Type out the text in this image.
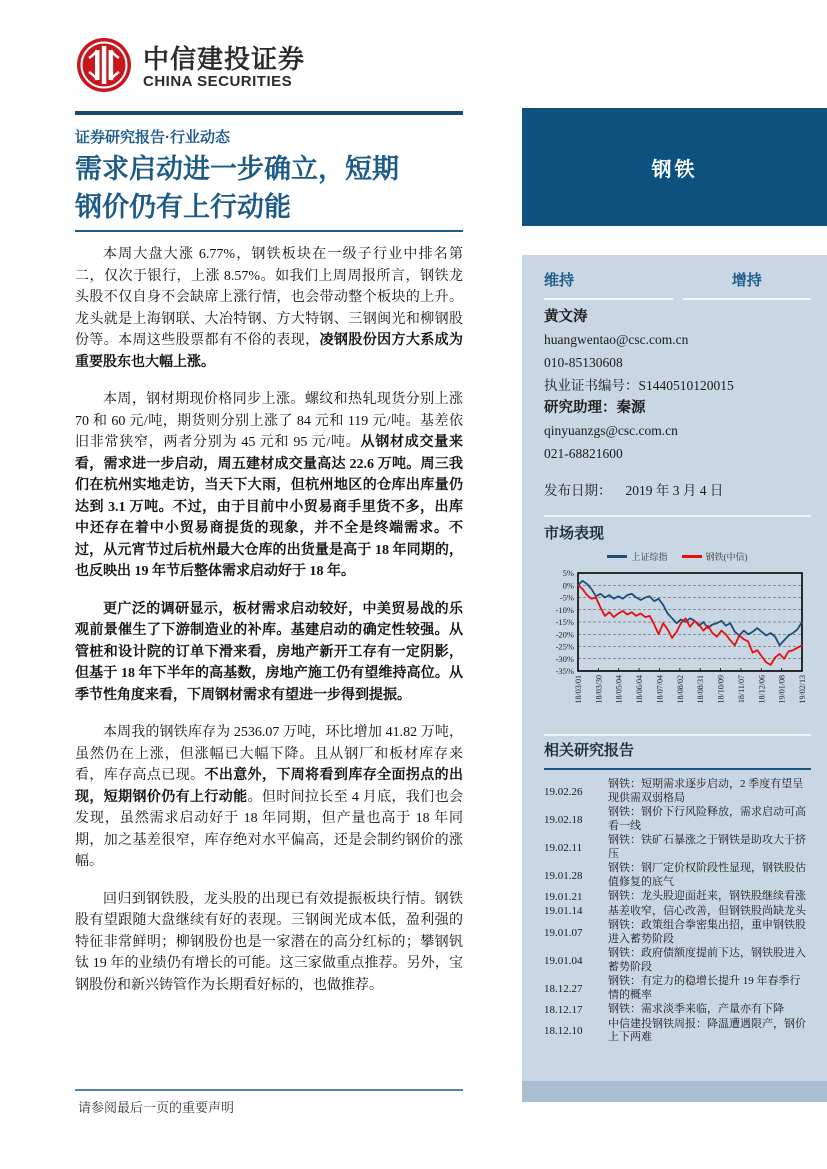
中信建投证券
CHINA SECURITIES
证券研究报告·行业动态
需求启动进一步确立，短期
钢价仍有上行动能

本周大盘大涨 6.77%，钢铁板块在一级子行业中排名第二，仅次于银行，上涨 8.57%。如我们上周周报所言，钢铁龙头股不仅自身不会缺席上涨行情，也会带动整个板块的上升。龙头就是上海钢联、大冶特钢、方大特钢、三钢闽光和柳钢股份等。本周这些股票都有不俗的表现，凌钢股份因方大系成为重要股东也大幅上涨。

本周，钢材期现价格同步上涨。螺纹和热轧现货分别上涨 70 和 60 元/吨，期货则分别上涨了 84 元和 119 元/吨。基差依旧非常狭窄，两者分别为 45 元和 95 元/吨。从钢材成交量来看，需求进一步启动，周五建材成交量高达 22.6 万吨。周三我们在杭州实地走访，当天下大雨，但杭州地区的仓库出库量仍达到 3.1 万吨。不过，由于目前中小贸易商手里货不多，出库中还存在着中小贸易商提货的现象，并不全是终端需求。不过，从元宵节过后杭州最大仓库的出货量是高于 18 年同期的，也反映出 19 年节后整体需求启动好于 18 年。

更广泛的调研显示，板材需求启动较好，中美贸易战的乐观前景催生了下游制造业的补库。基建启动的确定性较强。从管桩和设计院的订单下滑来看，房地产新开工存有一定阴影，但基于 18 年下半年的高基数，房地产施工仍有望维持高位。从季节性角度来看，下周钢材需求有望进一步得到提振。

本周我的钢铁库存为 2536.07 万吨，环比增加 41.82 万吨，虽然仍在上涨，但涨幅已大幅下降。且从钢厂和板材库存来看，库存高点已现。不出意外，下周将看到库存全面拐点的出现，短期钢价仍有上行动能。但时间拉长至 4 月底，我们也会发现，虽然需求启动好于 18 年同期，但产量也高于 18 年同期，加之基差很窄，库存绝对水平偏高，还是会制约钢价的涨幅。

回归到钢铁股，龙头股的出现已有效提振板块行情。钢铁股有望跟随大盘继续有好的表现。三钢闽光成本低，盈利强的特征非常鲜明；柳钢股份也是一家潜在的高分红标的；攀钢钒钛 19 年的业绩仍有增长的可能。这三家做重点推荐。另外，宝钢股份和新兴铸管作为长期看好标的，也做推荐。

钢铁
维持	增持
黄文涛
huangwentao@csc.com.cn
010-85130608
执业证书编号：S1440510120015
研究助理：秦源
qinyuanzgs@csc.com.cn
021-68821600
发布日期： 2019 年 3 月 4 日
市场表现
上证综指	钢铁(中信)
5%
0%
-5%
-10%
-15%
-20%
-25%
-30%
-35%
18/03/01 18/03/30 18/05/04 18/06/04 18/07/04 18/08/02 18/08/31 18/10/09 18/11/07 18/12/06 19/01/08 19/02/13
相关研究报告
19.02.26
钢铁：短期需求逐步启动，2 季度有望呈现供需双弱格局
19.02.18
钢铁：钢价下行风险释放，需求启动可高看一线
19.02.11
钢铁：铁矿石暴涨之于钢铁是助攻大于挤压
19.01.28
钢铁：钢厂定价权阶段性显现，钢铁股估值修复的底气
19.01.21	钢铁：龙头股迎面赶来，钢铁股继续看涨
19.01.14	基差收窄，信心改善，但钢铁股尚缺龙头
19.01.07
钢铁：政策组合拳密集出招，重申钢铁股进入蓄势阶段
19.01.04
钢铁：政府债额度提前下达，钢铁股进入蓄势阶段
18.12.27
钢铁：有定力的稳增长提升 19 年春季行情的概率
18.12.17	钢铁：需求淡季来临，产量亦有下降
18.12.10
中信建投钢铁周报：降温遭遇限产，钢价上下两难
请参阅最后一页的重要声明
